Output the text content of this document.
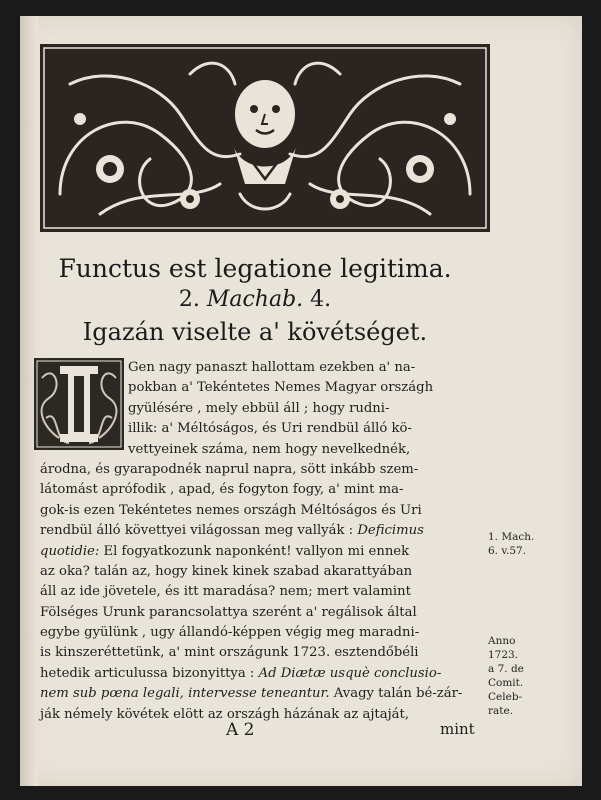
Functus est legatione legitima.
2. Machab. 4.
Igazán viselte a' kövétséget.
Gen nagy panaszt hallottam ezekben a' na-
pokban a' Tekéntetes Nemes Magyar országh
gyülésére , mely ebbül áll ; hogy rudni-
illik: a' Méltóságos, és Uri rendbül álló kö-
vettyeinek száma, nem hogy nevelkednék,
árodna, és gyarapodnék naprul napra, sött inkább szem-
látomást aprófodik , apad, és fogyton fogy, a' mint ma-
gok-is ezen Tekéntetes nemes országh Méltóságos és Uri
rendbül álló követtyei világossan meg vallyák : Deficimus
quotidie: El fogyatkozunk naponként! vallyon mi ennek
az oka? talán az, hogy kinek kinek szabad akarattyában
áll az ide jövetele, és itt maradása? nem; mert valamint
Fölséges Urunk parancsolattya szerént a' regálisok által
egybe gyülünk , ugy állandó-képpen végig meg maradni-
is kinszeréttetünk, a' mint országunk 1723. esztendőbéli
hetedik articulussa bizonyittya : Ad Diætæ usquè conclusio-
nem sub pœna legali, intervesse teneantur. Avagy talán bé-zár-
ják némely kövétek elött az országh házának az ajtaját,
1. Mach.
6. v.57.
Anno
1723.
a 7. de
Comit.
Celeb-
rate.
A 2	mint
